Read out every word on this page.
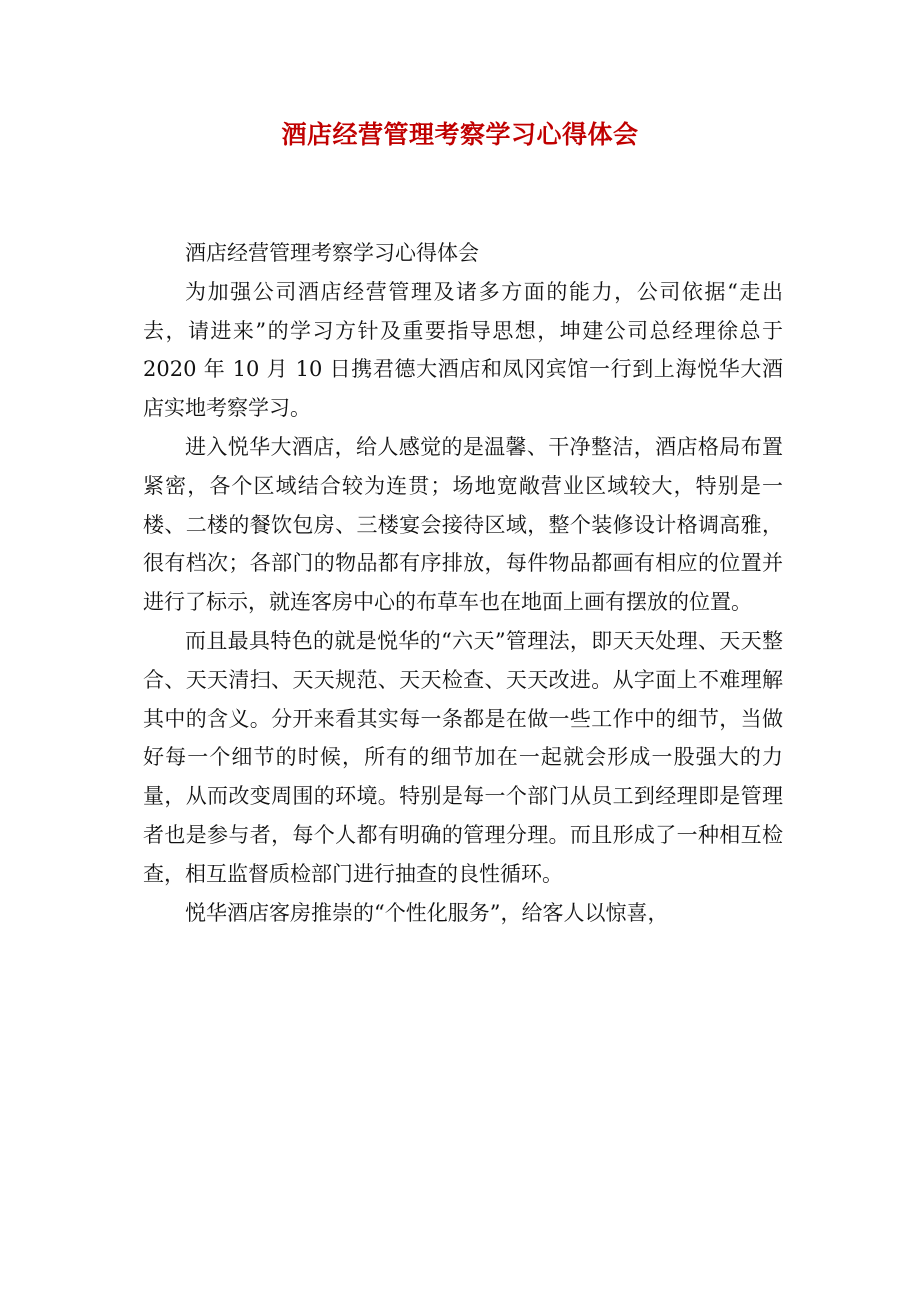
酒店经营管理考察学习心得体会

酒店经营管理考察学习心得体会

为加强公司酒店经营管理及诸多方面的能力，公司依据“走出去，请进来”的学习方针及重要指导思想，坤建公司总经理徐总于 2020 年 10 月 10 日携君德大酒店和凤冈宾馆一行到上海悦华大酒店实地考察学习。

进入悦华大酒店，给人感觉的是温馨、干净整洁，酒店格局布置紧密，各个区域结合较为连贯；场地宽敞营业区域较大，特别是一楼、二楼的餐饮包房、三楼宴会接待区域，整个装修设计格调高雅，很有档次；各部门的物品都有序排放，每件物品都画有相应的位置并进行了标示，就连客房中心的布草车也在地面上画有摆放的位置。

而且最具特色的就是悦华的“六天”管理法，即天天处理、天天整合、天天清扫、天天规范、天天检查、天天改进。从字面上不难理解其中的含义。分开来看其实每一条都是在做一些工作中的细节，当做好每一个细节的时候，所有的细节加在一起就会形成一股强大的力量，从而改变周围的环境。特别是每一个部门从员工到经理即是管理者也是参与者，每个人都有明确的管理分理。而且形成了一种相互检查，相互监督质检部门进行抽查的良性循环。

悦华酒店客房推崇的“个性化服务”，给客人以惊喜，
